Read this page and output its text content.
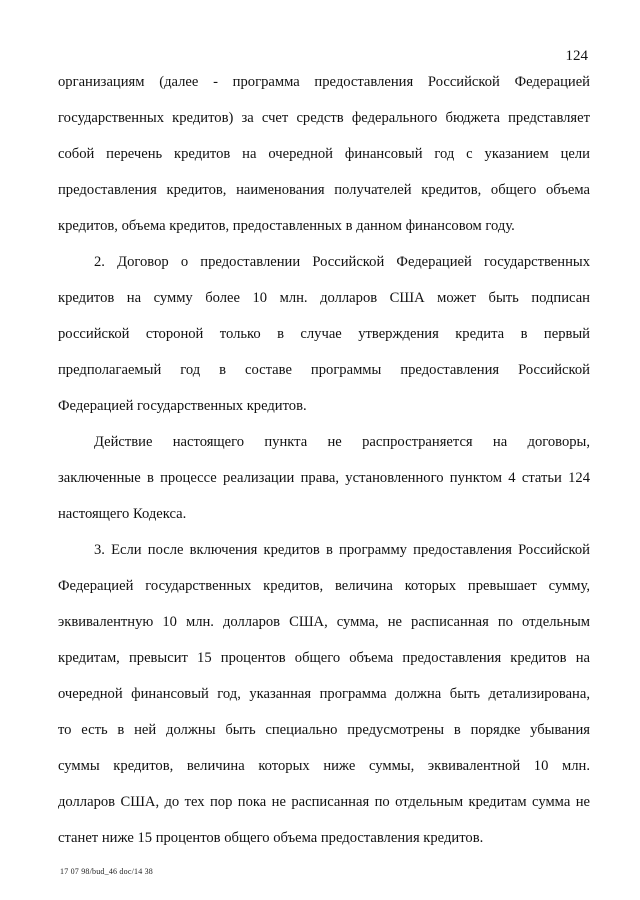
124
организациям (далее - программа предоставления Российской Федерацией
государственных кредитов) за счет средств федерального бюджета представляет
собой перечень кредитов на очередной финансовый год с указанием цели
предоставления кредитов, наименования получателей кредитов, общего объема
кредитов, объема кредитов, предоставленных в данном финансовом году.
2. Договор о предоставлении Российской Федерацией государственных
кредитов на сумму более 10 млн. долларов США может быть подписан
российской стороной только в случае утверждения кредита в первый
предполагаемый год в составе программы предоставления Российской
Федерацией государственных кредитов.
Действие настоящего пункта не распространяется на договоры,
заключенные в процессе реализации права, установленного пунктом 4 статьи 124
настоящего Кодекса.
3. Если после включения кредитов в программу предоставления Российской
Федерацией государственных кредитов, величина которых превышает сумму,
эквивалентную 10 млн. долларов США, сумма, не расписанная по отдельным
кредитам, превысит 15 процентов общего объема предоставления кредитов на
очередной финансовый год, указанная программа должна быть детализирована,
то есть в ней должны быть специально предусмотрены в порядке убывания
суммы кредитов, величина которых ниже суммы, эквивалентной 10 млн.
долларов США, до тех пор пока не расписанная по отдельным кредитам сумма не
станет ниже 15 процентов общего объема предоставления кредитов.
17 07 98/bud_46 doc/14 38
